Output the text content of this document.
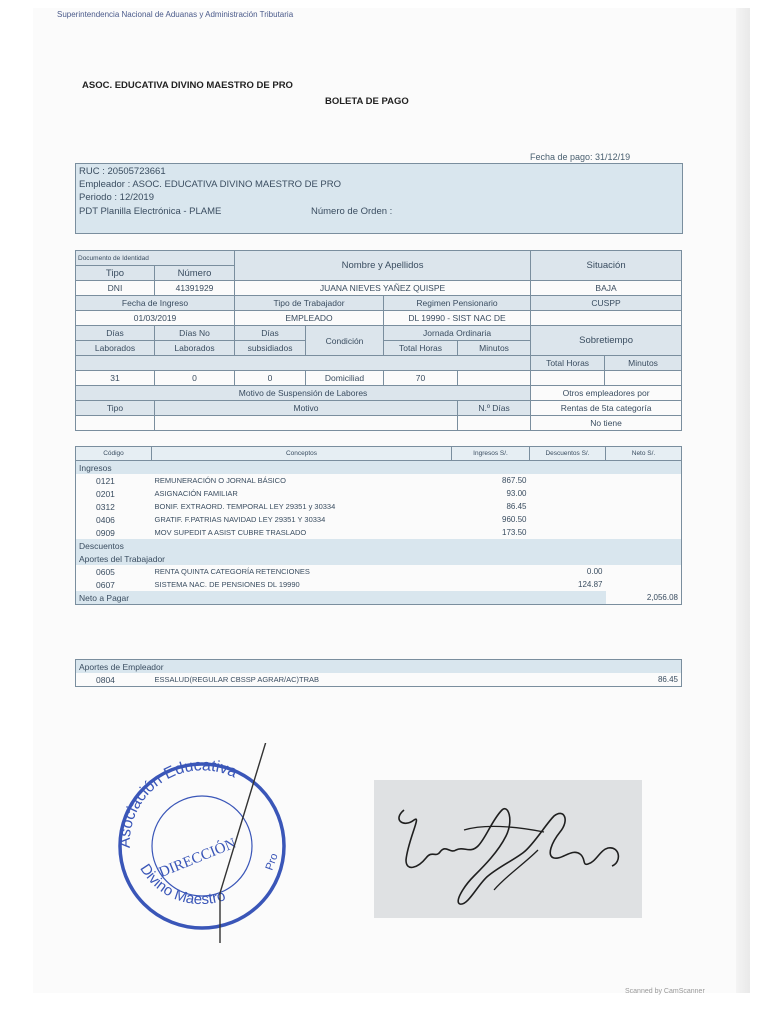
Superintendencia Nacional de Aduanas y Administración Tributaria
ASOC. EDUCATIVA DIVINO MAESTRO DE PRO
BOLETA DE PAGO
Fecha de pago: 31/12/19
RUC : 20505723661
Empleador : ASOC. EDUCATIVA DIVINO MAESTRO DE PRO
Periodo : 12/2019
PDT Planilla Electrónica - PLAME	Número de Orden :
Documento de Identidad		Nombre y Apellidos				Situación	
Tipo	Número						
DNI	41391929	JUANA NIEVES YAÑEZ QUISPE				BAJA	
Fecha de Ingreso		Tipo de Trabajador		Regimen Pensionario		CUSPP	
01/03/2019		EMPLEADO		DL 19990 - SIST NAC DE			
Días	Días No	Días	Condición	Jornada Ordinaria		Sobretiempo	
Laborados	Laborados	subsidiados		Total Horas	Minutos		
						Total Horas	Minutos
31	0	0	Domiciliad	70			
Motivo de Suspensión de Labores						Otros empleadores por	
Tipo	Motivo				N.º Días	Rentas de 5ta categoría	
						No tiene	
Código	Conceptos	Ingresos S/.	Descuentos S/.	Neto S/.
Ingresos				
0121	REMUNERACIÓN O JORNAL BÁSICO	867.50		
0201	ASIGNACIÓN FAMILIAR	93.00		
0312	BONIF. EXTRAORD. TEMPORAL LEY 29351 y 30334	86.45		
0406	GRATIF. F.PATRIAS NAVIDAD LEY 29351 Y 30334	960.50		
0909	MOV SUPEDIT A ASIST CUBRE TRASLADO	173.50		
Descuentos				
Aportes del Trabajador				
0605	RENTA QUINTA CATEGORÍA RETENCIONES		0.00	
0607	SISTEMA NAC. DE PENSIONES DL 19990		124.87	
Neto a Pagar				2,056.08
Aportes de Empleador
0804	ESSALUD(REGULAR CBSSP AGRAR/AC)TRAB		86.45
Asociación Educativa
Divino Maestro
DIRECCIÓN Pro
Scanned by CamScanner
